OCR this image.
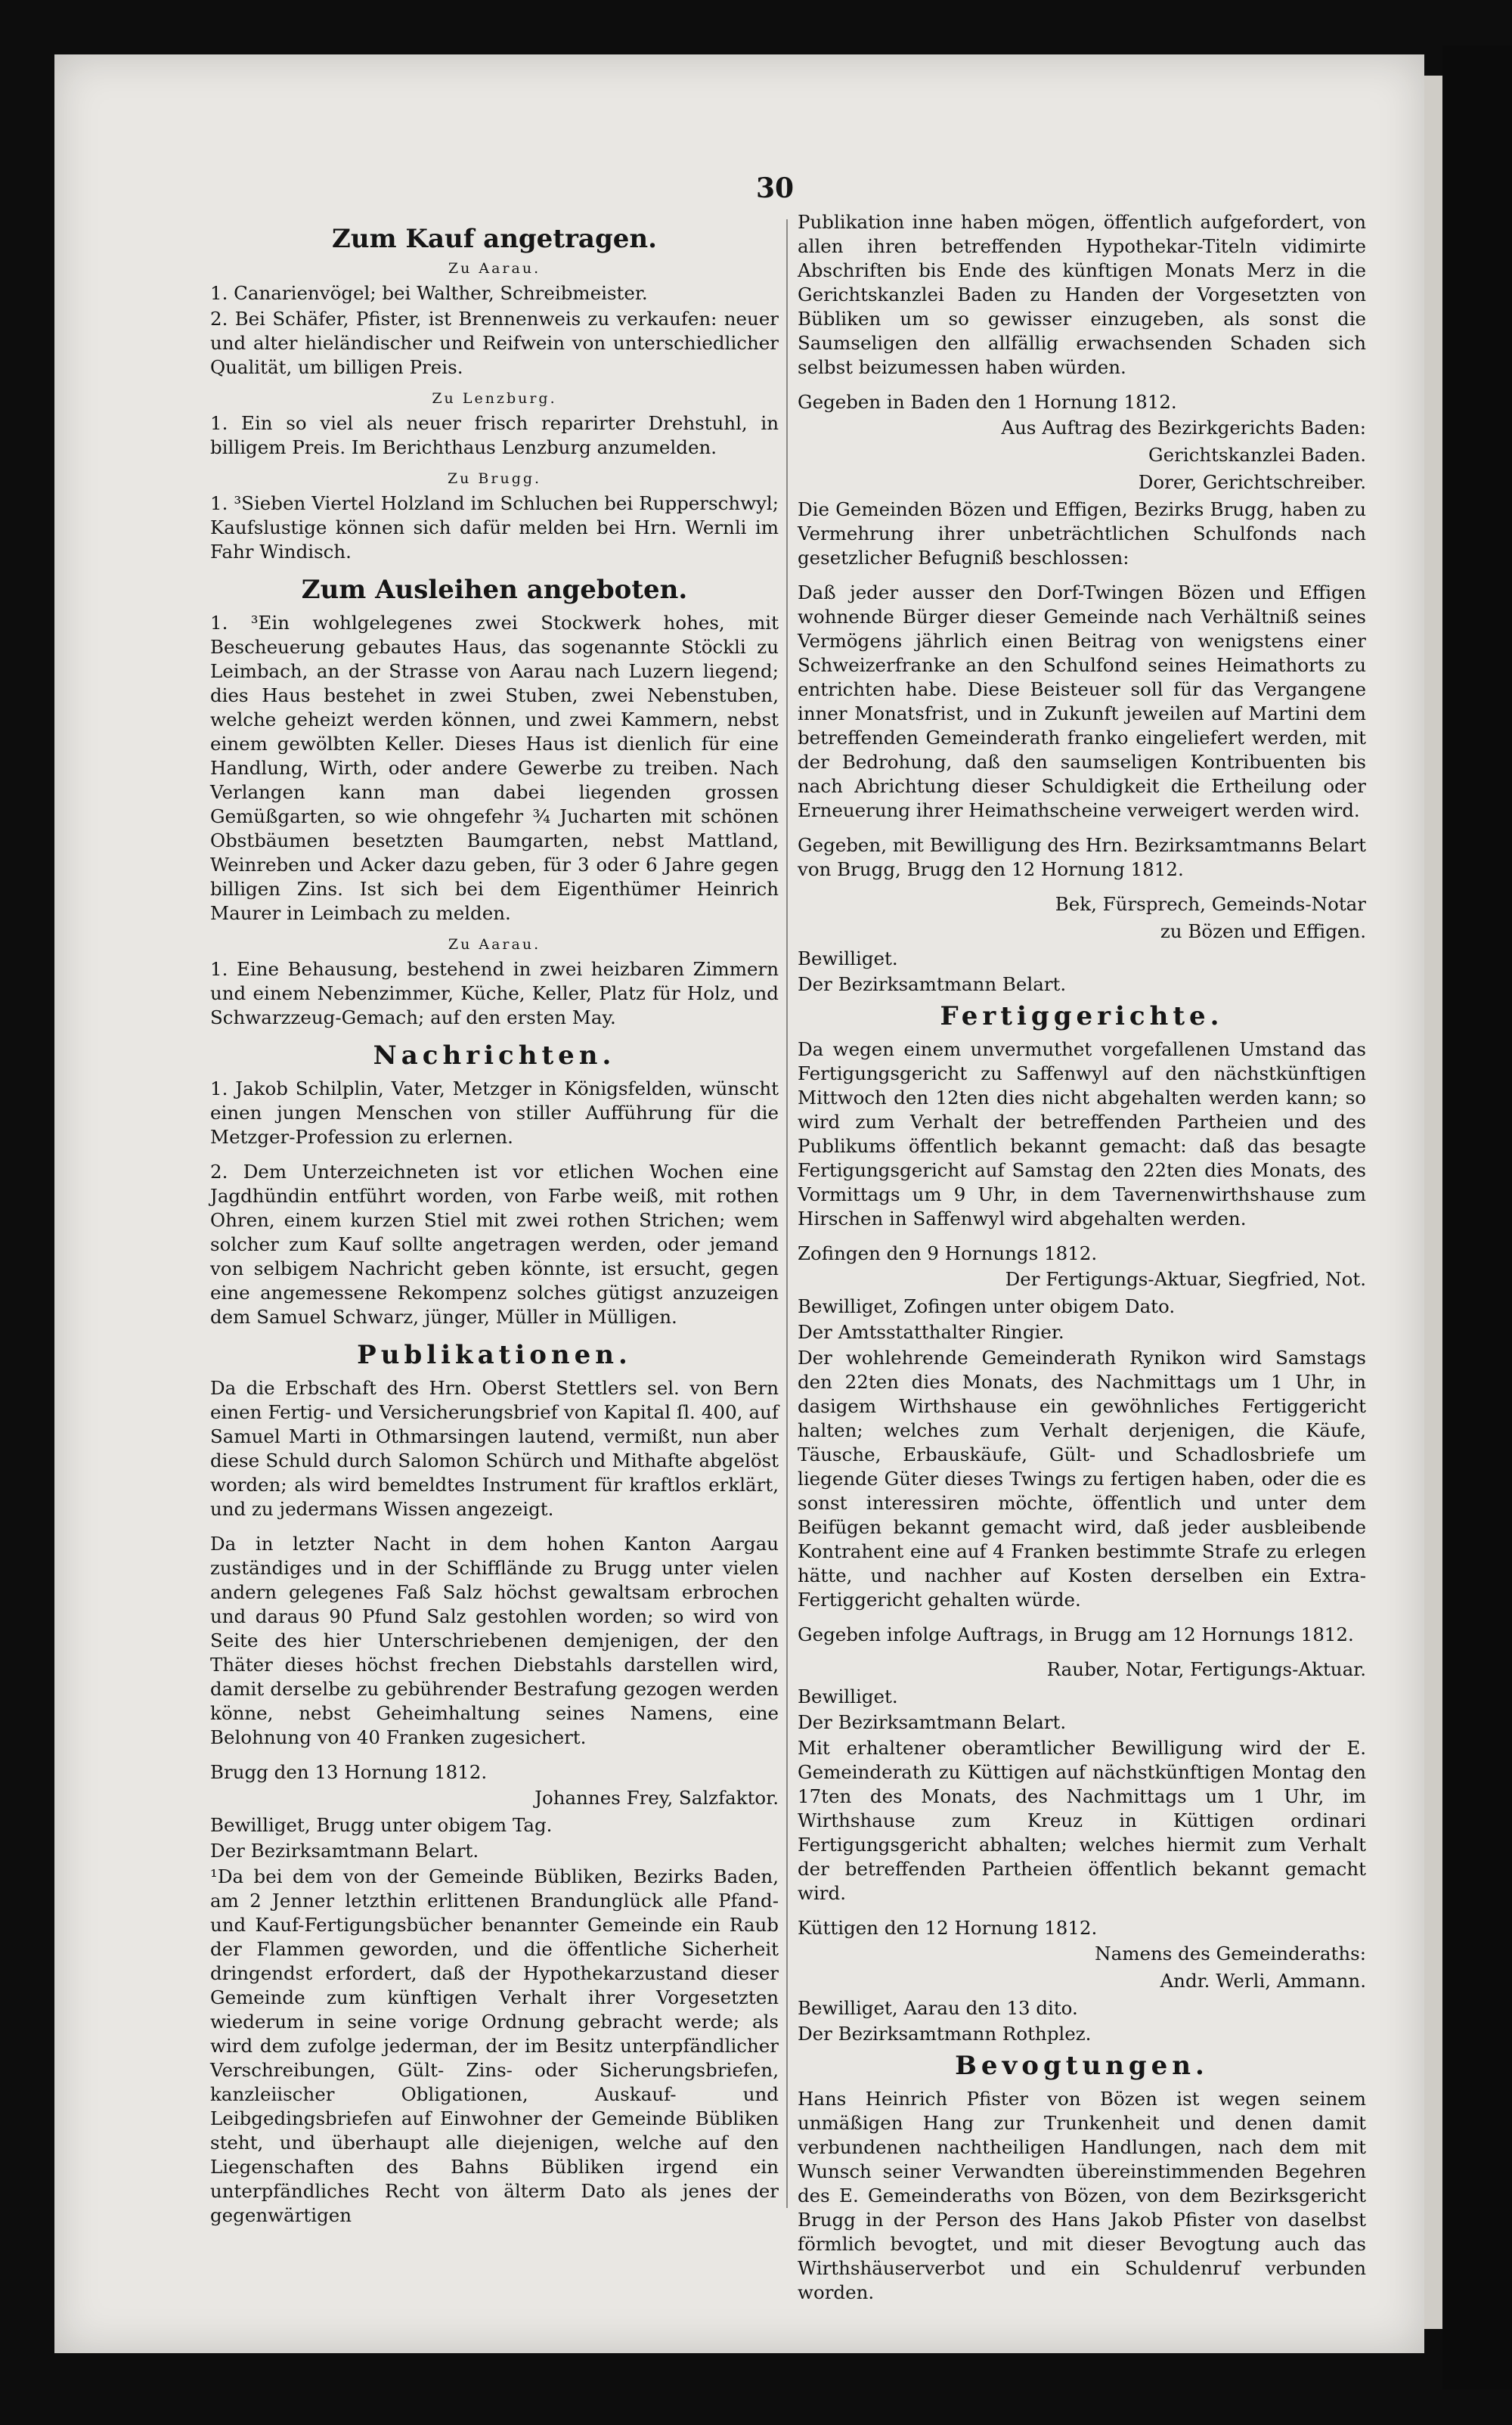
30
Zum Kauf angetragen.
Zu Aarau.

1. Canarienvögel; bei Walther, Schreibmeister.

2. Bei Schäfer, Pfister, ist Brennenweis zu verkaufen: neuer und alter hieländischer und Reifwein von unterschiedlicher Qualität, um billigen Preis.

Zu Lenzburg.

1. Ein so viel als neuer frisch reparirter Drehstuhl, in billigem Preis. Im Berichthaus Lenzburg anzumelden.

Zu Brugg.

1. ³Sieben Viertel Holzland im Schluchen bei Rupperschwyl; Kaufslustige können sich dafür melden bei Hrn. Wernli im Fahr Windisch.

Zum Ausleihen angeboten.

1. ³Ein wohlgelegenes zwei Stockwerk hohes, mit Bescheuerung gebautes Haus, das sogenannte Stöckli zu Leimbach, an der Strasse von Aarau nach Luzern liegend; dies Haus bestehet in zwei Stuben, zwei Nebenstuben, welche geheizt werden können, und zwei Kammern, nebst einem gewölbten Keller. Dieses Haus ist dienlich für eine Handlung, Wirth, oder andere Gewerbe zu treiben. Nach Verlangen kann man dabei liegenden grossen Gemüßgarten, so wie ohngefehr ¾ Jucharten mit schönen Obstbäumen besetzten Baumgarten, nebst Mattland, Weinreben und Acker dazu geben, für 3 oder 6 Jahre gegen billigen Zins. Ist sich bei dem Eigenthümer Heinrich Maurer in Leimbach zu melden.

Zu Aarau.

1. Eine Behausung, bestehend in zwei heizbaren Zimmern und einem Nebenzimmer, Küche, Keller, Platz für Holz, und Schwarzzeug-Gemach; auf den ersten May.

Nachrichten.

1. Jakob Schilplin, Vater, Metzger in Königsfelden, wünscht einen jungen Menschen von stiller Aufführung für die Metzger-Profession zu erlernen.

2. Dem Unterzeichneten ist vor etlichen Wochen eine Jagdhündin entführt worden, von Farbe weiß, mit rothen Ohren, einem kurzen Stiel mit zwei rothen Strichen; wem solcher zum Kauf sollte angetragen werden, oder jemand von selbigem Nachricht geben könnte, ist ersucht, gegen eine angemessene Rekompenz solches gütigst anzuzeigen dem Samuel Schwarz, jünger, Müller in Mülligen.

Publikationen.

Da die Erbschaft des Hrn. Oberst Stettlers sel. von Bern einen Fertig- und Versicherungsbrief von Kapital ſl. 400, auf Samuel Marti in Othmarsingen lautend, vermißt, nun aber diese Schuld durch Salomon Schürch und Mithafte abgelöst worden; als wird bemeldtes Instrument für kraftlos erklärt, und zu jedermans Wissen angezeigt.

Da in letzter Nacht in dem hohen Kanton Aargau zuständiges und in der Schifflände zu Brugg unter vielen andern gelegenes Faß Salz höchst gewaltsam erbrochen und daraus 90 Pfund Salz gestohlen worden; so wird von Seite des hier Unterschriebenen demjenigen, der den Thäter dieses höchst frechen Diebstahls darstellen wird, damit derselbe zu gebührender Bestrafung gezogen werden könne, nebst Geheimhaltung seines Namens, eine Belohnung von 40 Franken zugesichert.

Brugg den 13 Hornung 1812.

Johannes Frey, Salzfaktor.

Bewilliget, Brugg unter obigem Tag.

Der Bezirksamtmann Belart.

¹Da bei dem von der Gemeinde Bübliken, Bezirks Baden, am 2 Jenner letzthin erlittenen Brandunglück alle Pfand- und Kauf-Fertigungsbücher benannter Gemeinde ein Raub der Flammen geworden, und die öffentliche Sicherheit dringendst erfordert, daß der Hypothekarzustand dieser Gemeinde zum künftigen Verhalt ihrer Vorgesetzten wiederum in seine vorige Ordnung gebracht werde; als wird dem zufolge jederman, der im Besitz unterpfändlicher Verschreibungen, Gült- Zins- oder Sicherungsbriefen, kanzleiischer Obligationen, Auskauf- und Leibgedingsbriefen auf Einwohner der Gemeinde Bübliken steht, und überhaupt alle diejenigen, welche auf den Liegenschaften des Bahns Bübliken irgend ein unterpfändliches Recht von älterm Dato als jenes der gegenwärtigen

Publikation inne haben mögen, öffentlich aufgefordert, von allen ihren betreffenden Hypothekar-Titeln vidimirte Abschriften bis Ende des künftigen Monats Merz in die Gerichtskanzlei Baden zu Handen der Vorgesetzten von Bübliken um so gewisser einzugeben, als sonst die Saumseligen den allfällig erwachsenden Schaden sich selbst beizumessen haben würden.

Gegeben in Baden den 1 Hornung 1812.

Aus Auftrag des Bezirkgerichts Baden:

Gerichtskanzlei Baden.

Dorer, Gerichtschreiber.

Die Gemeinden Bözen und Effigen, Bezirks Brugg, haben zu Vermehrung ihrer unbeträchtlichen Schulfonds nach gesetzlicher Befugniß beschlossen:

Daß jeder ausser den Dorf-Twingen Bözen und Effigen wohnende Bürger dieser Gemeinde nach Verhältniß seines Vermögens jährlich einen Beitrag von wenigstens einer Schweizerfranke an den Schulfond seines Heimathorts zu entrichten habe. Diese Beisteuer soll für das Vergangene inner Monatsfrist, und in Zukunft jeweilen auf Martini dem betreffenden Gemeinderath franko eingeliefert werden, mit der Bedrohung, daß den saumseligen Kontribuenten bis nach Abrichtung dieser Schuldigkeit die Ertheilung oder Erneuerung ihrer Heimathscheine verweigert werden wird.

Gegeben, mit Bewilligung des Hrn. Bezirksamtmanns Belart von Brugg, Brugg den 12 Hornung 1812.

Bek, Fürsprech, Gemeinds-Notar

zu Bözen und Effigen.

Bewilliget.

Der Bezirksamtmann Belart.

Fertiggerichte.

Da wegen einem unvermuthet vorgefallenen Umstand das Fertigungsgericht zu Saffenwyl auf den nächstkünftigen Mittwoch den 12ten dies nicht abgehalten werden kann; so wird zum Verhalt der betreffenden Partheien und des Publikums öffentlich bekannt gemacht: daß das besagte Fertigungsgericht auf Samstag den 22ten dies Monats, des Vormittags um 9 Uhr, in dem Tavernenwirthshause zum Hirschen in Saffenwyl wird abgehalten werden.

Zofingen den 9 Hornungs 1812.

Der Fertigungs-Aktuar, Siegfried, Not.

Bewilliget, Zofingen unter obigem Dato.

Der Amtsstatthalter Ringier.

Der wohlehrende Gemeinderath Rynikon wird Samstags den 22ten dies Monats, des Nachmittags um 1 Uhr, in dasigem Wirthshause ein gewöhnliches Fertiggericht halten; welches zum Verhalt derjenigen, die Käufe, Täusche, Erbauskäufe, Gült- und Schadlosbriefe um liegende Güter dieses Twings zu fertigen haben, oder die es sonst interessiren möchte, öffentlich und unter dem Beifügen bekannt gemacht wird, daß jeder ausbleibende Kontrahent eine auf 4 Franken bestimmte Strafe zu erlegen hätte, und nachher auf Kosten derselben ein Extra-Fertiggericht gehalten würde.

Gegeben infolge Auftrags, in Brugg am 12 Hornungs 1812.

Rauber, Notar, Fertigungs-Aktuar.

Bewilliget.

Der Bezirksamtmann Belart.

Mit erhaltener oberamtlicher Bewilligung wird der E. Gemeinderath zu Küttigen auf nächstkünftigen Montag den 17ten des Monats, des Nachmittags um 1 Uhr, im Wirthshause zum Kreuz in Küttigen ordinari Fertigungsgericht abhalten; welches hiermit zum Verhalt der betreffenden Partheien öffentlich bekannt gemacht wird.

Küttigen den 12 Hornung 1812.

Namens des Gemeinderaths:

Andr. Werli, Ammann.

Bewilliget, Aarau den 13 dito.

Der Bezirksamtmann Rothplez.

Bevogtungen.

Hans Heinrich Pfister von Bözen ist wegen seinem unmäßigen Hang zur Trunkenheit und denen damit verbundenen nachtheiligen Handlungen, nach dem mit Wunsch seiner Verwandten übereinstimmenden Begehren des E. Gemeinderaths von Bözen, von dem Bezirksgericht Brugg in der Person des Hans Jakob Pfister von daselbst förmlich bevogtet, und mit dieser Bevogtung auch das Wirthshäuserverbot und ein Schuldenruf verbunden worden.
